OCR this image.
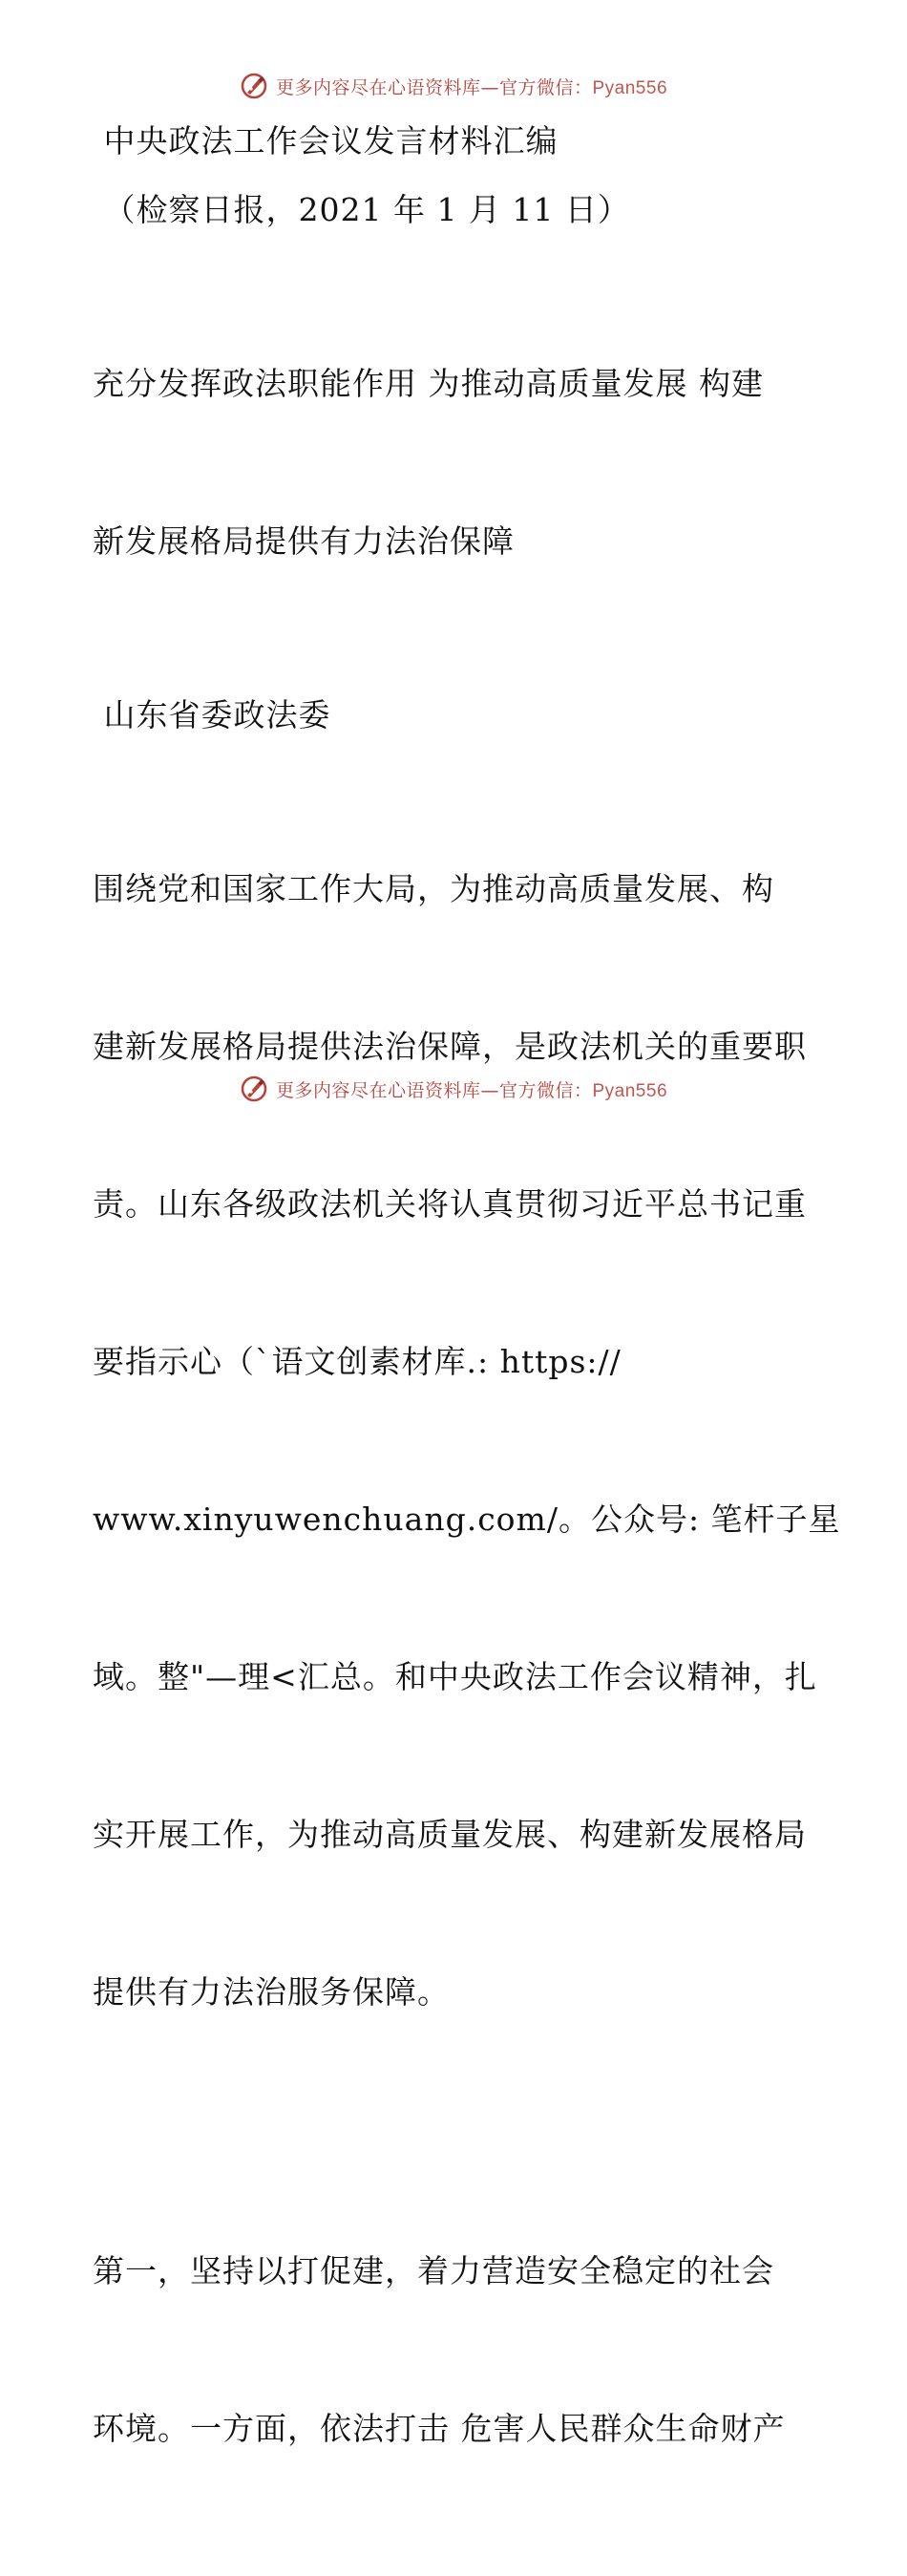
更多内容尽在心语资料库—官方微信：Pyan556

中央政法工作会议发言材料汇编

（检察日报，2021 年 1 月 11 日）

充分发挥政法职能作用 为推动高质量发展 构建

新发展格局提供有力法治保障

山东省委政法委

围绕党和国家工作大局，为推动高质量发展、构

建新发展格局提供法治保障，是政法机关的重要职

责。山东各级政法机关将认真贯彻习近平总书记重

要指示心（`语文创素材库.: https://

www.xinyuwenchuang.com/。公众号: 笔杆子星

域。整"—理<汇总。和中央政法工作会议精神，扎

实开展工作，为推动高质量发展、构建新发展格局

提供有力法治服务保障。

第一，坚持以打促建，着力营造安全稳定的社会

环境。一方面，依法打击 危害人民群众生命财产

更多内容尽在心语资料库—官方微信：Pyan556
